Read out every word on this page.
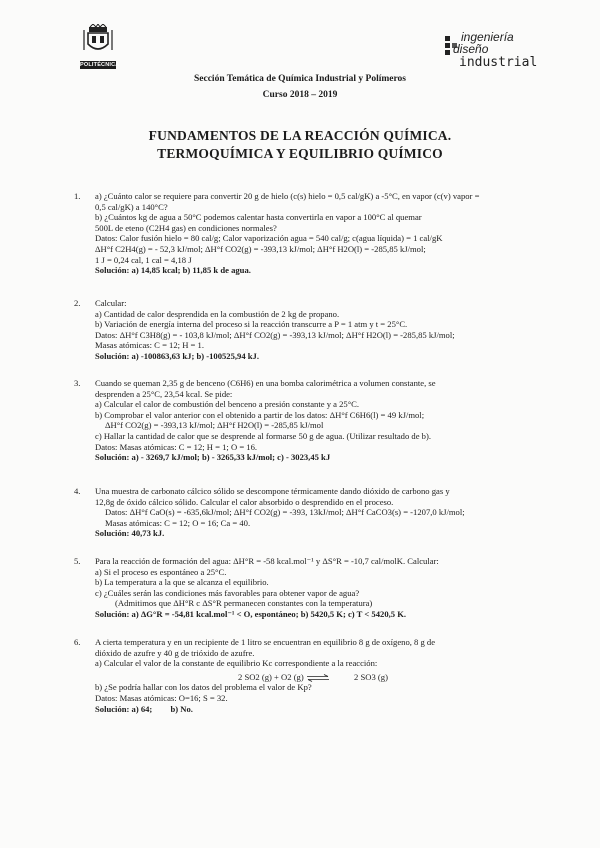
POLITÉCNICA
ingeniería
diseño
industrial
Sección Temática de Química Industrial y Polímeros
Curso 2018 – 2019
FUNDAMENTOS DE LA REACCIÓN QUÍMICA.
TERMOQUÍMICA Y EQUILIBRIO QUÍMICO
1. a) ¿Cuánto calor se requiere para convertir 20 g de hielo (c(s) hielo = 0,5 cal/gK) a -5°C, en vapor (c(v) vapor =
0,5 cal/gK) a 140°C?
b) ¿Cuántos kg de agua a 50°C podemos calentar hasta convertirla en vapor a 100°C al quemar
500L de eteno (C2H4 gas) en condiciones normales?
Datos: Calor fusión hielo = 80 cal/g; Calor vaporización agua = 540 cal/g; c(agua líquida) = 1 cal/gK
ΔH°f C2H4(g) = - 52,3 kJ/mol; ΔH°f CO2(g) = -393,13 kJ/mol; ΔH°f H2O(l) = -285,85 kJ/mol;
1 J = 0,24 cal, 1 cal = 4,18 J
Solución: a) 14,85 kcal; b) 11,85 k de agua.
2. Calcular:
a) Cantidad de calor desprendida en la combustión de 2 kg de propano.
b) Variación de energía interna del proceso si la reacción transcurre a P = 1 atm y t = 25°C.
Datos: ΔH°f C3H8(g) = - 103,8 kJ/mol; ΔH°f CO2(g) = -393,13 kJ/mol; ΔH°f H2O(l) = -285,85 kJ/mol;
Masas atómicas: C = 12; H = 1.
Solución: a) -100863,63 kJ; b) -100525,94 kJ.
3. Cuando se queman 2,35 g de benceno (C6H6) en una bomba calorimétrica a volumen constante, se
desprenden a 25°C, 23,54 kcal. Se pide:
a) Calcular el calor de combustión del benceno a presión constante y a 25°C.
b) Comprobar el valor anterior con el obtenido a partir de los datos: ΔH°f C6H6(l) = 49 kJ/mol;
ΔH°f CO2(g) = -393,13 kJ/mol; ΔH°f H2O(l) = -285,85 kJ/mol
c) Hallar la cantidad de calor que se desprende al formarse 50 g de agua. (Utilizar resultado de b).
Datos: Masas atómicas: C = 12; H = 1; O = 16.
Solución: a) - 3269,7 kJ/mol; b) - 3265,33 kJ/mol; c) - 3023,45 kJ
4. Una muestra de carbonato cálcico sólido se descompone térmicamente dando dióxido de carbono gas y
12,8g de óxido cálcico sólido. Calcular el calor absorbido o desprendido en el proceso.
Datos: ΔH°f CaO(s) = -635,6kJ/mol; ΔH°f CO2(g) = -393, 13kJ/mol; ΔH°f CaCO3(s) = -1207,0 kJ/mol;
Masas atómicas: C = 12; O = 16; Ca = 40.
Solución: 40,73 kJ.
5. Para la reacción de formación del agua: ΔH°R = -58 kcal.mol⁻¹ y ΔS°R = -10,7 cal/molK. Calcular:
a) Si el proceso es espontáneo a 25°C.
b) La temperatura a la que se alcanza el equilibrio.
c) ¿Cuáles serán las condiciones más favorables para obtener vapor de agua?
(Admitimos que ΔH°R c ΔS°R permanecen constantes con la temperatura)
Solución: a) ΔG°R = -54,81 kcal.mol⁻¹ < O, espontáneo; b) 5420,5 K; c) T < 5420,5 K.
6. A cierta temperatura y en un recipiente de 1 litro se encuentran en equilibrio 8 g de oxígeno, 8 g de
dióxido de azufre y 40 g de trióxido de azufre.
a) Calcular el valor de la constante de equilibrio Kc correspondiente a la reacción:
2 SO2 (g) + O2 (g) ⇌	2 SO3 (g)
b) ¿Se podría hallar con los datos del problema el valor de Kp?
Datos: Masas atómicas: O=16; S = 32.
Solución: a) 64; b) No.
